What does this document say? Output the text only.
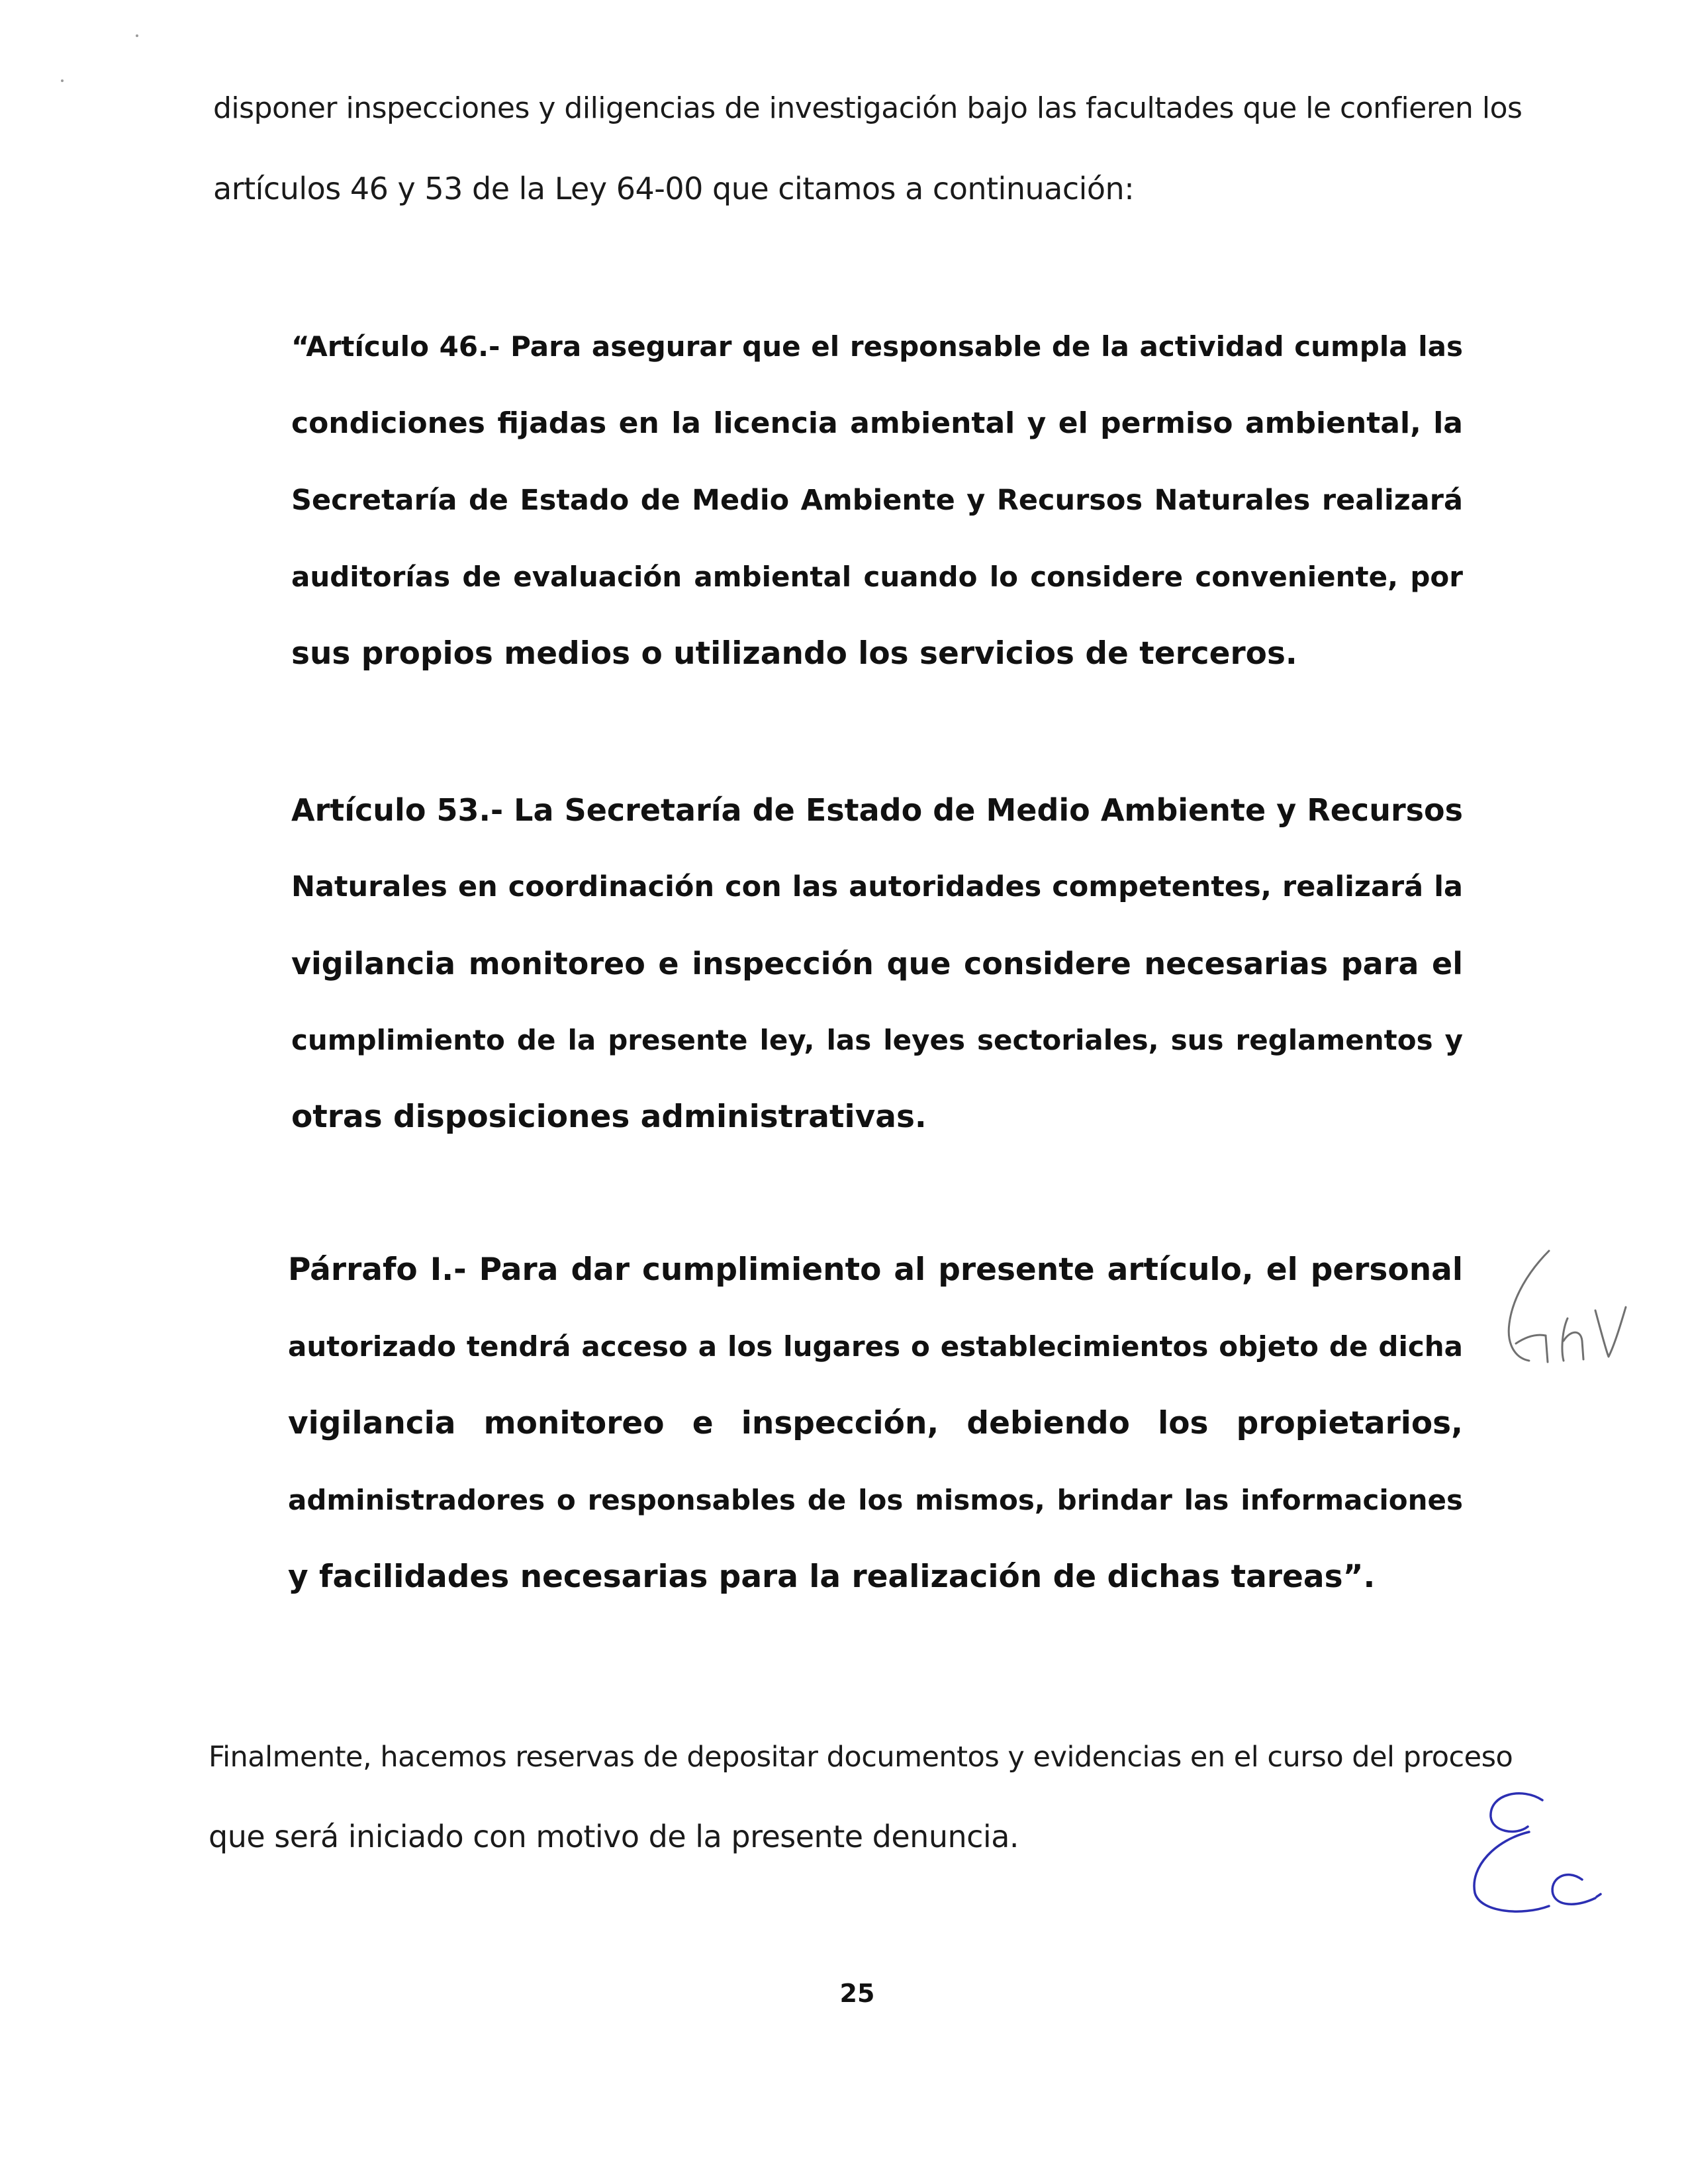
disponer inspecciones y diligencias de investigación bajo las facultades que le confieren los

artículos 46 y 53 de la Ley 64-00 que citamos a continuación:

“Artículo 46.- Para asegurar que el responsable de la actividad cumpla las
condiciones fijadas en la licencia ambiental y el permiso ambiental, la
Secretaría de Estado de Medio Ambiente y Recursos Naturales realizará
auditorías de evaluación ambiental cuando lo considere conveniente, por
sus propios medios o utilizando los servicios de terceros.
Artículo 53.- La Secretaría de Estado de Medio Ambiente y Recursos
Naturales en coordinación con las autoridades competentes, realizará la
vigilancia monitoreo e inspección que considere necesarias para el
cumplimiento de la presente ley, las leyes sectoriales, sus reglamentos y
otras disposiciones administrativas.
Párrafo I.- Para dar cumplimiento al presente artículo, el personal
autorizado tendrá acceso a los lugares o establecimientos objeto de dicha
vigilancia monitoreo e inspección, debiendo los propietarios,
administradores o responsables de los mismos, brindar las informaciones
y facilidades necesarias para la realización de dichas tareas”.

Finalmente, hacemos reservas de depositar documentos y evidencias en el curso del proceso

que será iniciado con motivo de la presente denuncia.

25
